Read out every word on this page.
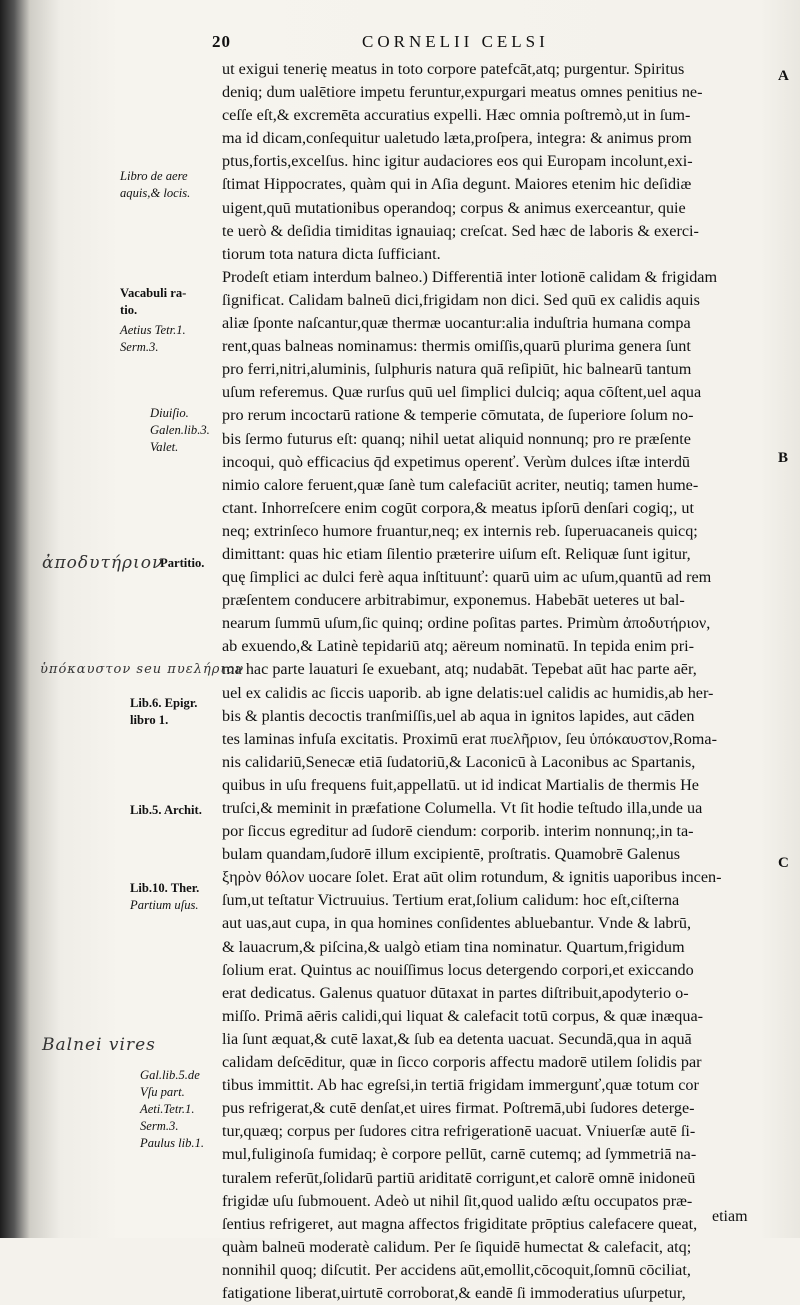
20	CORNELII CELSI
A
B
C
ut exigui tenerię meatus in toto corpore patefcāt,atq; purgentur. Spiritus
deniq; dum ualētiore impetu feruntur,expurgari meatus omnes penitius ne-
ceſſe eſt,& excremēta accuratius expelli. Hæc omnia poſtremò,ut in ſum-
ma id dicam,conſequitur ualetudo læta,proſpera, integra: & animus prom
ptus,fortis,excelſus. hinc igitur audaciores eos qui Europam incolunt,exi-
ſtimat Hippocrates, quàm qui in Aſia degunt. Maiores etenim hic deſidiæ
uigent,quū mutationibus operandoq; corpus & animus exerceantur, quie
te uerò & deſidia timiditas ignauiaq; creſcat. Sed hæc de laboris & exerci-
tiorum tota natura dicta ſufficiant.
Prodeſt etiam interdum balneo.) Differentiā inter lotionē calidam & frigidam
ſignificat. Calidam balneū dici,frigidam non dici. Sed quū ex calidis aquis
aliæ ſponte naſcantur,quæ thermæ uocantur:alia induſtria humana compa
rent,quas balneas nominamus: thermis omiſſis,quarū plurima genera ſunt
pro ferri,nitri,aluminis, ſulphuris natura quā reſipiūt, hic balnearū tantum
uſum referemus. Quæ rurſus quū uel ſimplici dulciq; aqua cōſtent,uel aqua
pro rerum incoctarū ratione & temperie cōmutata, de ſuperiore ſolum no-
bis ſermo futurus eſt: quanq; nihil uetat aliquid nonnunq; pro re præſente
incoqui, quò efficacius q̄d expetimus operenť. Verùm dulces iſtæ interdū
nimio calore feruent,quæ ſanè tum calefaciūt acriter, neutiq; tamen hume-
ctant. Inhorreſcere enim cogūt corpora,& meatus ipſorū denſari cogiq;, ut
neq; extrinſeco humore fruantur,neq; ex internis reb. ſuperuacaneis quicq;
dimittant: quas hic etiam ſilentio præterire uiſum eſt. Reliquæ ſunt igitur,
quę ſimplici ac dulci ferè aqua inſtituunť: quarū uim ac uſum,quantū ad rem
præſentem conducere arbitrabimur, exponemus. Habebāt ueteres ut bal-
nearum ſummū uſum,ſic quinq; ordine poſitas partes. Primùm ἀποδυτήριον,
ab exuendo,& Latinè tepidariū atq; aëreum nominatū. In tepida enim pri-
ma hac parte lauaturi ſe exuebant, atq; nudabāt. Tepebat aūt hac parte aēr,
uel ex calidis ac ſiccis uaporib. ab igne delatis:uel calidis ac humidis,ab her-
bis & plantis decoctis tranſmiſſis,uel ab aqua in ignitos lapides, aut cāden
tes laminas infuſa excitatis. Proximū erat πυελῆριον, ſeu ὑπόκαυστον,Roma-
nis calidariū,Senecæ etiā ſudatoriū,& Laconicū à Laconibus ac Spartanis,
quibus in uſu frequens fuit,appellatū. ut id indicat Martialis de thermis He
truſci,& meminit in præfatione Columella. Vt ſit hodie teſtudo illa,unde ua
por ſiccus egreditur ad ſudorē ciendum: corporib. interim nonnunq;,in ta-
bulam quandam,ſudorē illum excipientē, proſtratis. Quamobrē Galenus
ξηρὸν θόλον uocare ſolet. Erat aūt olim rotundum, & ignitis uaporibus incen-
ſum,ut teſtatur Victruuius. Tertium erat,ſolium calidum: hoc eſt,ciſterna
aut uas,aut cupa, in qua homines conſidentes abluebantur. Vnde & labrū,
& lauacrum,& piſcina,& ualgò etiam tina nominatur. Quartum,frigidum
ſolium erat. Quintus ac nouiſſimus locus detergendo corpori,et exiccando
erat dedicatus. Galenus quatuor dūtaxat in partes diſtribuit,apodyterio o-
miſſo. Primā aēris calidi,qui liquat & calefacit totū corpus, & quæ inæqua-
lia ſunt æquat,& cutē laxat,& ſub ea detenta uacuat. Secundā,qua in aquā
calidam deſcēditur, quæ in ſicco corporis affectu madorē utilem ſolidis par
tibus immittit. Ab hac egreſsi,in tertiā frigidam immergunť,quæ totum cor
pus refrigerat,& cutē denſat,et uires firmat. Poſtremā,ubi ſudores deterge-
tur,quæq; corpus per ſudores citra refrigerationē uacuat. Vniuerſæ autē ſi-
mul,fuliginoſa fumidaq; è corpore pellūt, carnē cutemq; ad ſymmetriā na-
turalem referūt,ſolidarū partiū ariditatē corrigunt,et calorē omnē inidoneū
frigidæ uſu ſubmouent. Adeò ut nihil ſit,quod ualido æſtu occupatos præ-
ſentius refrigeret, aut magna affectos frigiditate prōptius calefacere queat,
quàm balneū moderatè calidum. Per ſe ſiquidē humectat & calefacit, atq;
nonnihil quoq; diſcutit. Per accidens aūt,emollit,cōcoquit,ſomnū cōciliat,
fatigatione liberat,uirtutē corroborat,& eandē ſi immoderatius uſurpetur,
Libro de aere
aquis,& locis.
Vacabuli ra-
tio.
Aetius Tetr.1.
Serm.3.
Diuiſio.
Galen.lib.3.
Valet.
Partitio.
Lib.6. Epigr.
libro 1.
Lib.5. Archit.
Lib.10. Ther.
Partium uſus.
Gal.lib.5.de
Vſu part.
Aeti.Tetr.1.
Serm.3.
Paulus lib.1.
ἀποδυτήριον
ὑπόκαυστον seu πυελήριον
Balnei vires
etiam
